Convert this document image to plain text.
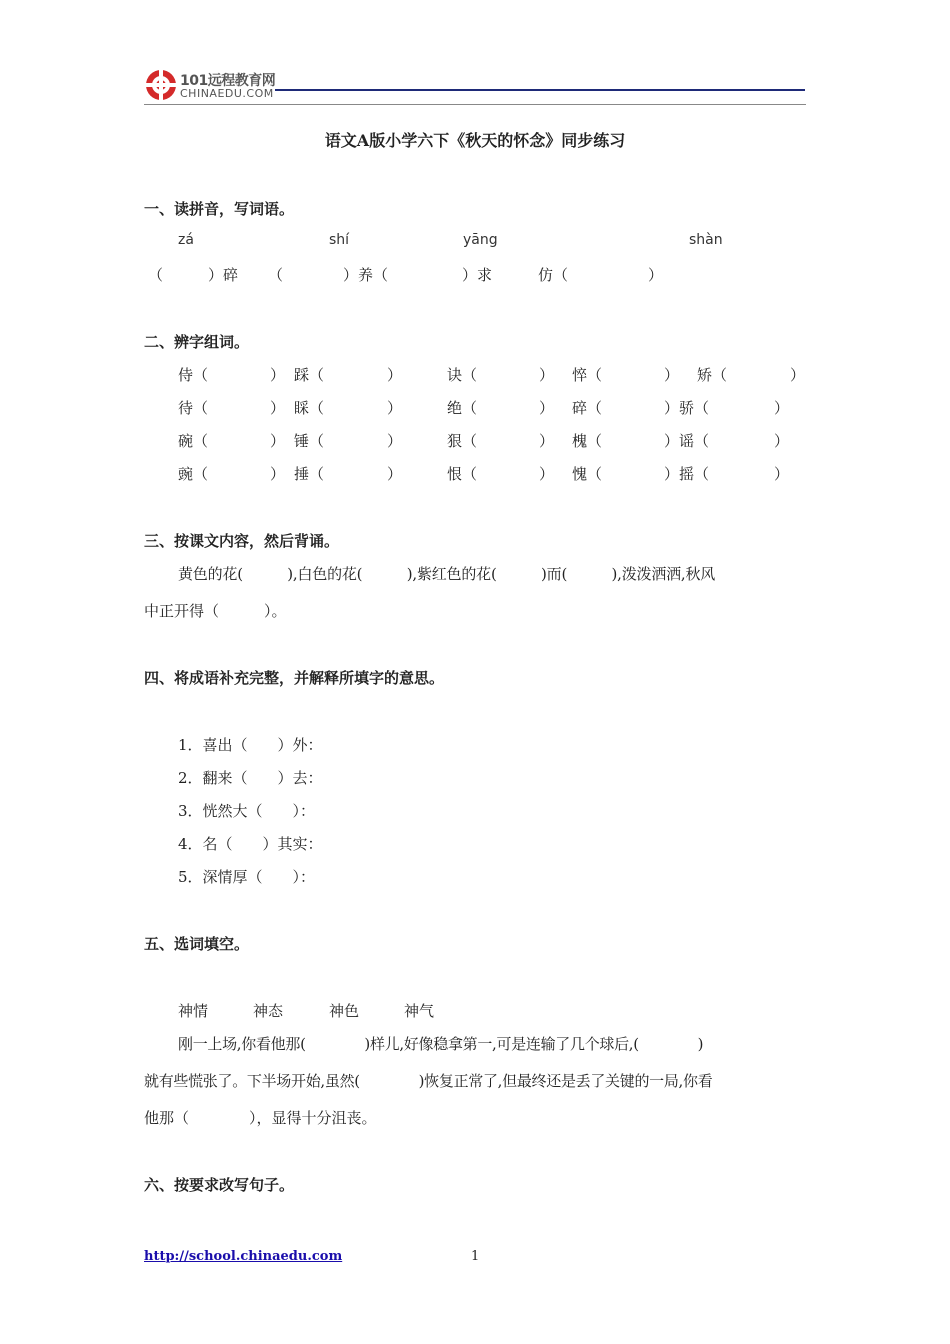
101远程教育网
CHINAEDU.COM
语文A版小学六下《秋天的怀念》同步练习
一、读拼音，写词语。
zá	shí	yāng	shàn
（　　　）碎 （　　　　）养（	）求	仿（	）
二、辨字组词。
侍（	） 踩（	）	诀（	） 悴（	） 矫（	）
待（	） 睬（	）	绝（	） 碎（	）骄（	）
碗（	） 锤（	）	狠（	） 槐（	）谣（	）
豌（	） 捶（	）	恨（	） 愧（	）摇（	）
三、按课文内容，然后背诵。
黄色的花(　　　),白色的花(　　　),紫红色的花(　　　)而(　　　),泼泼洒洒,秋风
中正开得（　　　）。
四、将成语补充完整，并解释所填字的意思。
1．喜出（　　）外：
2．翻来（　　）去：
3．恍然大（　　）：
4．名（　　）其实：
5．深情厚（　　）：
五、选词填空。
神情	神态	神色	神气
刚一上场,你看他那(　　　　)样儿,好像稳拿第一,可是连输了几个球后,(　　　　)
就有些慌张了。下半场开始,虽然(　　　　)恢复正常了,但最终还是丢了关键的一局,你看
他那（　　　　），显得十分沮丧。
六、按要求改写句子。
http://school.chinaedu.com	1
